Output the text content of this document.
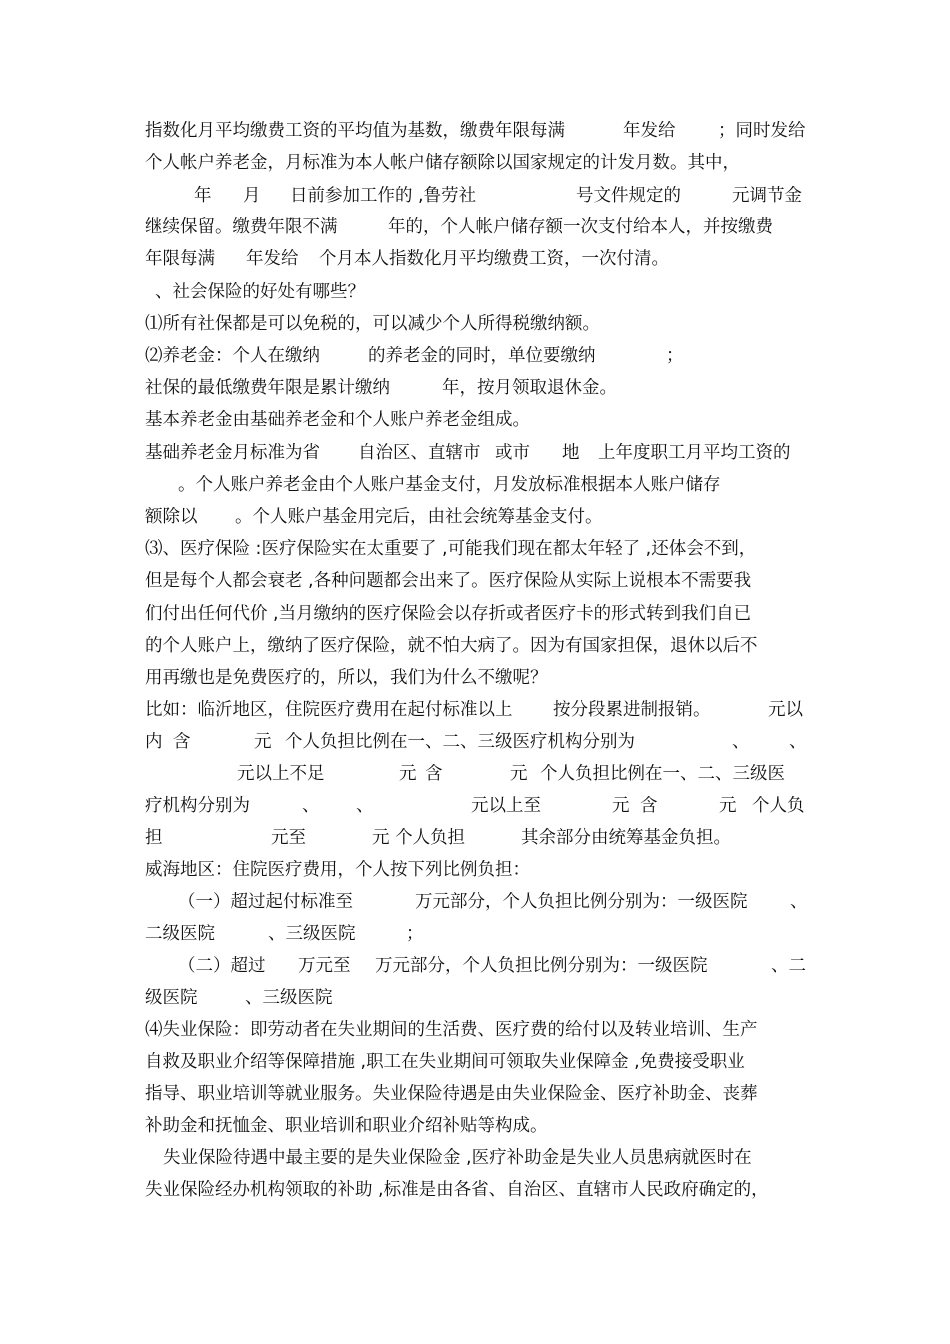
指数化月平均缴费工资的平均值为基数，缴费年限每满

	年发给

；同时发给

个人帐户养老金，月标准为本人帐户储存额除以国家规定的计发月数。其中，

年

月

日前参加工作的 ,鲁劳社

	号文件规定的

	元调节金

继续保留。缴费年限不满

	年的，个人帐户储存额一次支付给本人，并按缴费

年限每满

年发给

个月本人指数化月平均缴费工资，一次付清。

、社会保险的好处有哪些？

⑴所有社保都是可以免税的，可以减少个人所得税缴纳额。

⑵养老金：个人在缴纳

	的养老金的同时，单位要缴纳

	；

社保的最低缴费年限是累计缴纳

	年，按月领取退休金。

基本养老金由基础养老金和个人账户养老金组成。

基础养老金月标准为省

自治区、直辖市

或市

地

上年度职工月平均工资的

。个人账户养老金由个人账户基金支付，月发放标准根据本人账户储存

额除以

。个人账户基金用完后，由社会统筹基金支付。

⑶、医疗保险 :医疗保险实在太重要了 ,可能我们现在都太年轻了 ,还体会不到，

但是每个人都会衰老 ,各种问题都会出来了。医疗保险从实际上说根本不需要我

们付出任何代价 ,当月缴纳的医疗保险会以存折或者医疗卡的形式转到我们自已

的个人账户上，缴纳了医疗保险，就不怕大病了。因为有国家担保，退休以后不

用再缴也是免费医疗的，所以，我们为什么不缴呢？

比如：临沂地区，住院医疗费用在起付标准以上

按分段累进制报销。

	元以

内

含

	元

个人负担比例在一、二、三级医疗机构分别为

	、

、

元以上不足

	元

含

	元

个人负担比例在一、二、三级医

疗机构分别为

	、

、

	元以上至

	元

含

	元

个人负

担

	元至

	元 个人负担

	其余部分由统筹基金负担。

威海地区：住院医疗费用，个人按下列比例负担：

（一）超过起付标准至

	万元部分，个人负担比例分别为：一级医院

、

二级医院

	、三级医院

	；

（二）超过

万元至

万元部分，个人负担比例分别为：一级医院

	、二

级医院

	、三级医院

⑷失业保险：即劳动者在失业期间的生活费、医疗费的给付以及转业培训、生产

自救及职业介绍等保障措施 ,职工在失业期间可领取失业保障金 ,免费接受职业

指导、职业培训等就业服务。失业保险待遇是由失业保险金、医疗补助金、丧葬

补助金和抚恤金、职业培训和职业介绍补贴等构成。

失业保险待遇中最主要的是失业保险金 ,医疗补助金是失业人员患病就医时在

失业保险经办机构领取的补助 ,标准是由各省、自治区、直辖市人民政府确定的，
